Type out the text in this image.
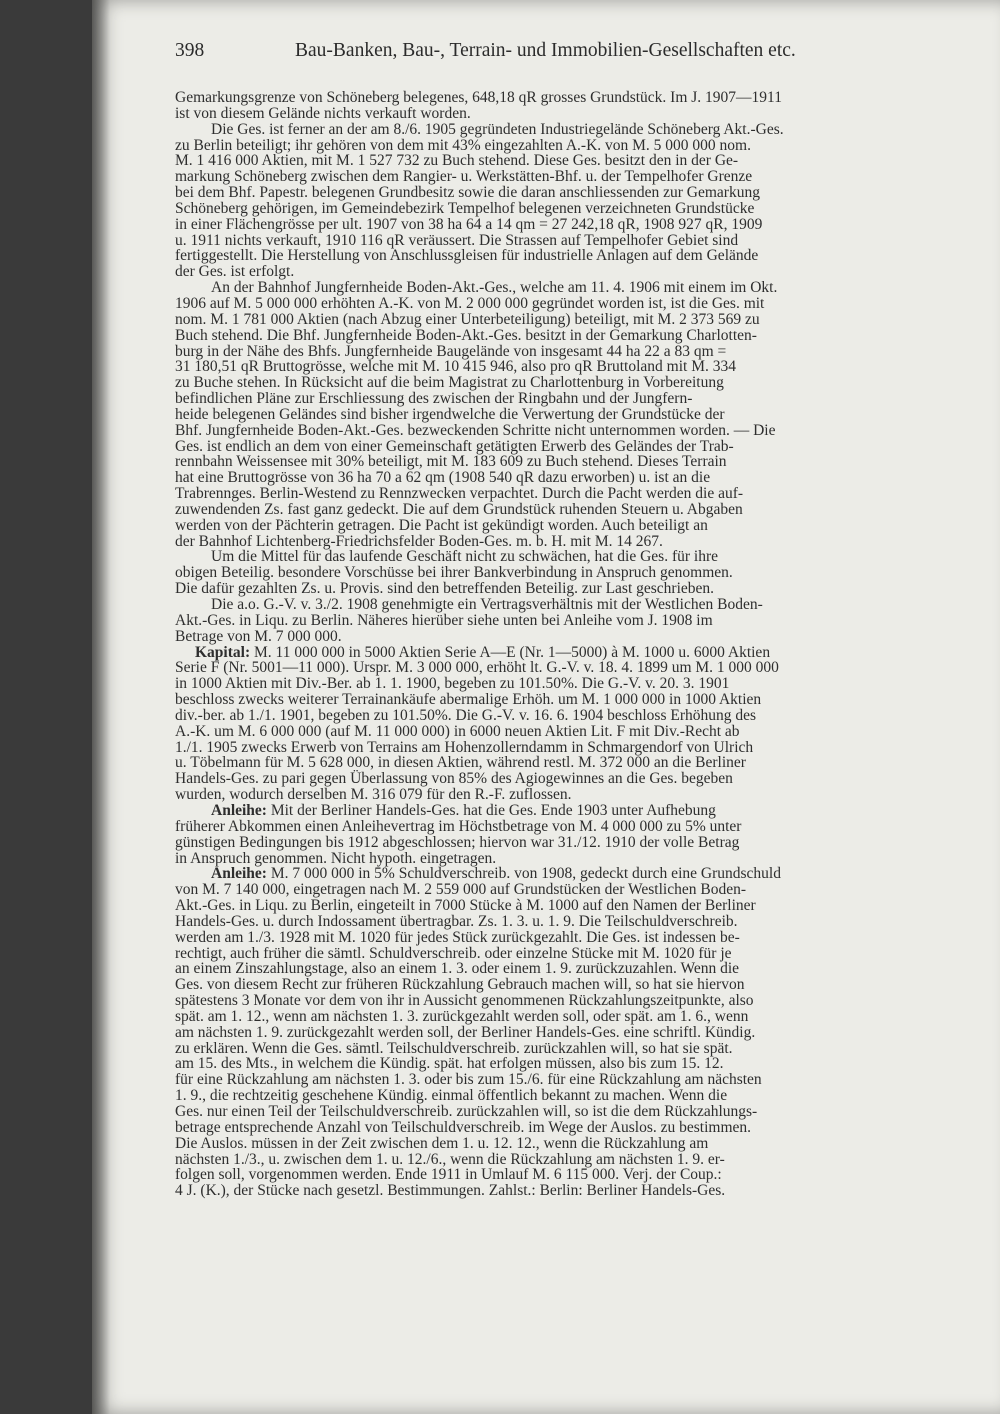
398	Bau-Banken, Bau-, Terrain- und Immobilien-Gesellschaften etc.
Gemarkungsgrenze von Schöneberg belegenes, 648,18 qR grosses Grundstück. Im J. 1907—1911
ist von diesem Gelände nichts verkauft worden.
Die Ges. ist ferner an der am 8./6. 1905 gegründeten Industriegelände Schöneberg Akt.-Ges.
zu Berlin beteiligt; ihr gehören von dem mit 43% eingezahlten A.-K. von M. 5 000 000 nom.
M. 1 416 000 Aktien, mit M. 1 527 732 zu Buch stehend. Diese Ges. besitzt den in der Ge-
markung Schöneberg zwischen dem Rangier- u. Werkstätten-Bhf. u. der Tempelhofer Grenze
bei dem Bhf. Papestr. belegenen Grundbesitz sowie die daran anschliessenden zur Gemarkung
Schöneberg gehörigen, im Gemeindebezirk Tempelhof belegenen verzeichneten Grundstücke
in einer Flächengrösse per ult. 1907 von 38 ha 64 a 14 qm = 27 242,18 qR, 1908 927 qR, 1909
u. 1911 nichts verkauft, 1910 116 qR veräussert. Die Strassen auf Tempelhofer Gebiet sind
fertiggestellt. Die Herstellung von Anschlussgleisen für industrielle Anlagen auf dem Gelände
der Ges. ist erfolgt.
An der Bahnhof Jungfernheide Boden-Akt.-Ges., welche am 11. 4. 1906 mit einem im Okt.
1906 auf M. 5 000 000 erhöhten A.-K. von M. 2 000 000 gegründet worden ist, ist die Ges. mit
nom. M. 1 781 000 Aktien (nach Abzug einer Unterbeteiligung) beteiligt, mit M. 2 373 569 zu
Buch stehend. Die Bhf. Jungfernheide Boden-Akt.-Ges. besitzt in der Gemarkung Charlotten-
burg in der Nähe des Bhfs. Jungfernheide Baugelände von insgesamt 44 ha 22 a 83 qm =
31 180,51 qR Bruttogrösse, welche mit M. 10 415 946, also pro qR Bruttoland mit M. 334
zu Buche stehen. In Rücksicht auf die beim Magistrat zu Charlottenburg in Vorbereitung
befindlichen Pläne zur Erschliessung des zwischen der Ringbahn und der Jungfern-
heide belegenen Geländes sind bisher irgendwelche die Verwertung der Grundstücke der
Bhf. Jungfernheide Boden-Akt.-Ges. bezweckenden Schritte nicht unternommen worden. — Die
Ges. ist endlich an dem von einer Gemeinschaft getätigten Erwerb des Geländes der Trab-
rennbahn Weissensee mit 30% beteiligt, mit M. 183 609 zu Buch stehend. Dieses Terrain
hat eine Bruttogrösse von 36 ha 70 a 62 qm (1908 540 qR dazu erworben) u. ist an die
Trabrennges. Berlin-Westend zu Rennzwecken verpachtet. Durch die Pacht werden die auf-
zuwendenden Zs. fast ganz gedeckt. Die auf dem Grundstück ruhenden Steuern u. Abgaben
werden von der Pächterin getragen. Die Pacht ist gekündigt worden. Auch beteiligt an
der Bahnhof Lichtenberg-Friedrichsfelder Boden-Ges. m. b. H. mit M. 14 267.
Um die Mittel für das laufende Geschäft nicht zu schwächen, hat die Ges. für ihre
obigen Beteilig. besondere Vorschüsse bei ihrer Bankverbindung in Anspruch genommen.
Die dafür gezahlten Zs. u. Provis. sind den betreffenden Beteilig. zur Last geschrieben.
Die a.o. G.-V. v. 3./2. 1908 genehmigte ein Vertragsverhältnis mit der Westlichen Boden-
Akt.-Ges. in Liqu. zu Berlin. Näheres hierüber siehe unten bei Anleihe vom J. 1908 im
Betrage von M. 7 000 000.
Kapital: M. 11 000 000 in 5000 Aktien Serie A—E (Nr. 1—5000) à M. 1000 u. 6000 Aktien
Serie F (Nr. 5001—11 000). Urspr. M. 3 000 000, erhöht lt. G.-V. v. 18. 4. 1899 um M. 1 000 000
in 1000 Aktien mit Div.-Ber. ab 1. 1. 1900, begeben zu 101.50%. Die G.-V. v. 20. 3. 1901
beschloss zwecks weiterer Terrainankäufe abermalige Erhöh. um M. 1 000 000 in 1000 Aktien
div.-ber. ab 1./1. 1901, begeben zu 101.50%. Die G.-V. v. 16. 6. 1904 beschloss Erhöhung des
A.-K. um M. 6 000 000 (auf M. 11 000 000) in 6000 neuen Aktien Lit. F mit Div.-Recht ab
1./1. 1905 zwecks Erwerb von Terrains am Hohenzollerndamm in Schmargendorf von Ulrich
u. Töbelmann für M. 5 628 000, in diesen Aktien, während restl. M. 372 000 an die Berliner
Handels-Ges. zu pari gegen Überlassung von 85% des Agiogewinnes an die Ges. begeben
wurden, wodurch derselben M. 316 079 für den R.-F. zuflossen.
Anleihe: Mit der Berliner Handels-Ges. hat die Ges. Ende 1903 unter Aufhebung
früherer Abkommen einen Anleihevertrag im Höchstbetrage von M. 4 000 000 zu 5% unter
günstigen Bedingungen bis 1912 abgeschlossen; hiervon war 31./12. 1910 der volle Betrag
in Anspruch genommen. Nicht hypoth. eingetragen.
Anleihe: M. 7 000 000 in 5% Schuldverschreib. von 1908, gedeckt durch eine Grundschuld
von M. 7 140 000, eingetragen nach M. 2 559 000 auf Grundstücken der Westlichen Boden-
Akt.-Ges. in Liqu. zu Berlin, eingeteilt in 7000 Stücke à M. 1000 auf den Namen der Berliner
Handels-Ges. u. durch Indossament übertragbar. Zs. 1. 3. u. 1. 9. Die Teilschuldverschreib.
werden am 1./3. 1928 mit M. 1020 für jedes Stück zurückgezahlt. Die Ges. ist indessen be-
rechtigt, auch früher die sämtl. Schuldverschreib. oder einzelne Stücke mit M. 1020 für je
an einem Zinszahlungstage, also an einem 1. 3. oder einem 1. 9. zurückzuzahlen. Wenn die
Ges. von diesem Recht zur früheren Rückzahlung Gebrauch machen will, so hat sie hiervon
spätestens 3 Monate vor dem von ihr in Aussicht genommenen Rückzahlungszeitpunkte, also
spät. am 1. 12., wenn am nächsten 1. 3. zurückgezahlt werden soll, oder spät. am 1. 6., wenn
am nächsten 1. 9. zurückgezahlt werden soll, der Berliner Handels-Ges. eine schriftl. Kündig.
zu erklären. Wenn die Ges. sämtl. Teilschuldverschreib. zurückzahlen will, so hat sie spät.
am 15. des Mts., in welchem die Kündig. spät. hat erfolgen müssen, also bis zum 15. 12.
für eine Rückzahlung am nächsten 1. 3. oder bis zum 15./6. für eine Rückzahlung am nächsten
1. 9., die rechtzeitig geschehene Kündig. einmal öffentlich bekannt zu machen. Wenn die
Ges. nur einen Teil der Teilschuldverschreib. zurückzahlen will, so ist die dem Rückzahlungs-
betrage entsprechende Anzahl von Teilschuldverschreib. im Wege der Auslos. zu bestimmen.
Die Auslos. müssen in der Zeit zwischen dem 1. u. 12. 12., wenn die Rückzahlung am
nächsten 1./3., u. zwischen dem 1. u. 12./6., wenn die Rückzahlung am nächsten 1. 9. er-
folgen soll, vorgenommen werden. Ende 1911 in Umlauf M. 6 115 000. Verj. der Coup.:
4 J. (K.), der Stücke nach gesetzl. Bestimmungen. Zahlst.: Berlin: Berliner Handels-Ges.
